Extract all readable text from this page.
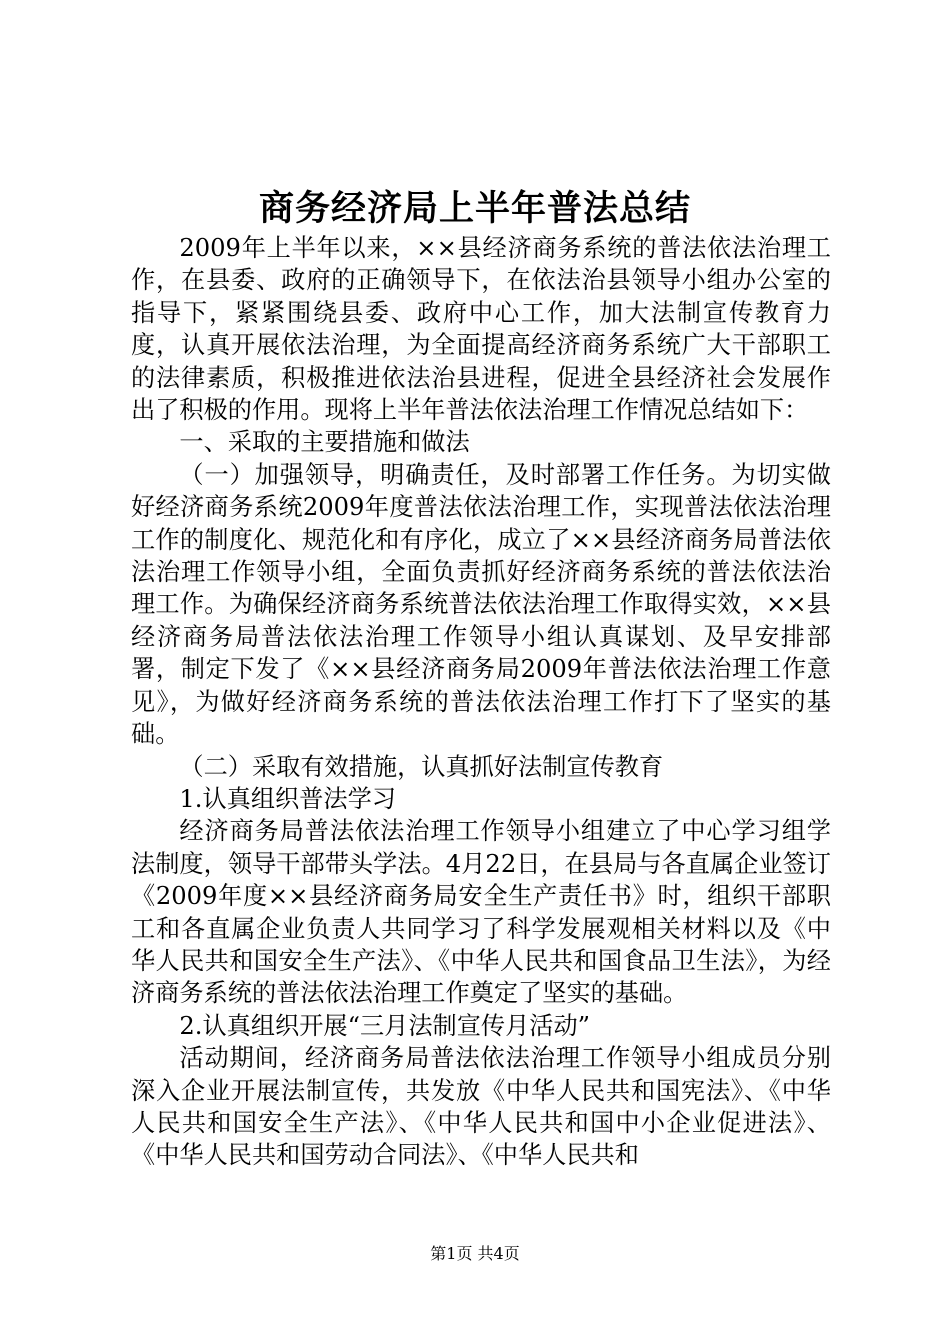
商务经济局上半年普法总结

2009年上半年以来，××县经济商务系统的普法依法治理工作，在县委、政府的正确领导下，在依法治县领导小组办公室的指导下，紧紧围绕县委、政府中心工作，加大法制宣传教育力度，认真开展依法治理，为全面提高经济商务系统广大干部职工的法律素质，积极推进依法治县进程，促进全县经济社会发展作出了积极的作用。现将上半年普法依法治理工作情况总结如下：

一、采取的主要措施和做法

（一）加强领导，明确责任，及时部署工作任务。为切实做好经济商务系统2009年度普法依法治理工作，实现普法依法治理工作的制度化、规范化和有序化，成立了××县经济商务局普法依法治理工作领导小组，全面负责抓好经济商务系统的普法依法治理工作。为确保经济商务系统普法依法治理工作取得实效，××县经济商务局普法依法治理工作领导小组认真谋划、及早安排部署，制定下发了《××县经济商务局2009年普法依法治理工作意见》，为做好经济商务系统的普法依法治理工作打下了坚实的基础。

（二）采取有效措施，认真抓好法制宣传教育

1.认真组织普法学习

经济商务局普法依法治理工作领导小组建立了中心学习组学法制度，领导干部带头学法。4月22日，在县局与各直属企业签订《2009年度××县经济商务局安全生产责任书》时，组织干部职工和各直属企业负责人共同学习了科学发展观相关材料以及《中华人民共和国安全生产法》、《中华人民共和国食品卫生法》，为经济商务系统的普法依法治理工作奠定了坚实的基础。

2.认真组织开展“三月法制宣传月活动”

活动期间，经济商务局普法依法治理工作领导小组成员分别深入企业开展法制宣传，共发放《中华人民共和国宪法》、《中华人民共和国安全生产法》、《中华人民共和国中小企业促进法》、《中华人民共和国劳动合同法》、《中华人民共和

第1页 共4页
